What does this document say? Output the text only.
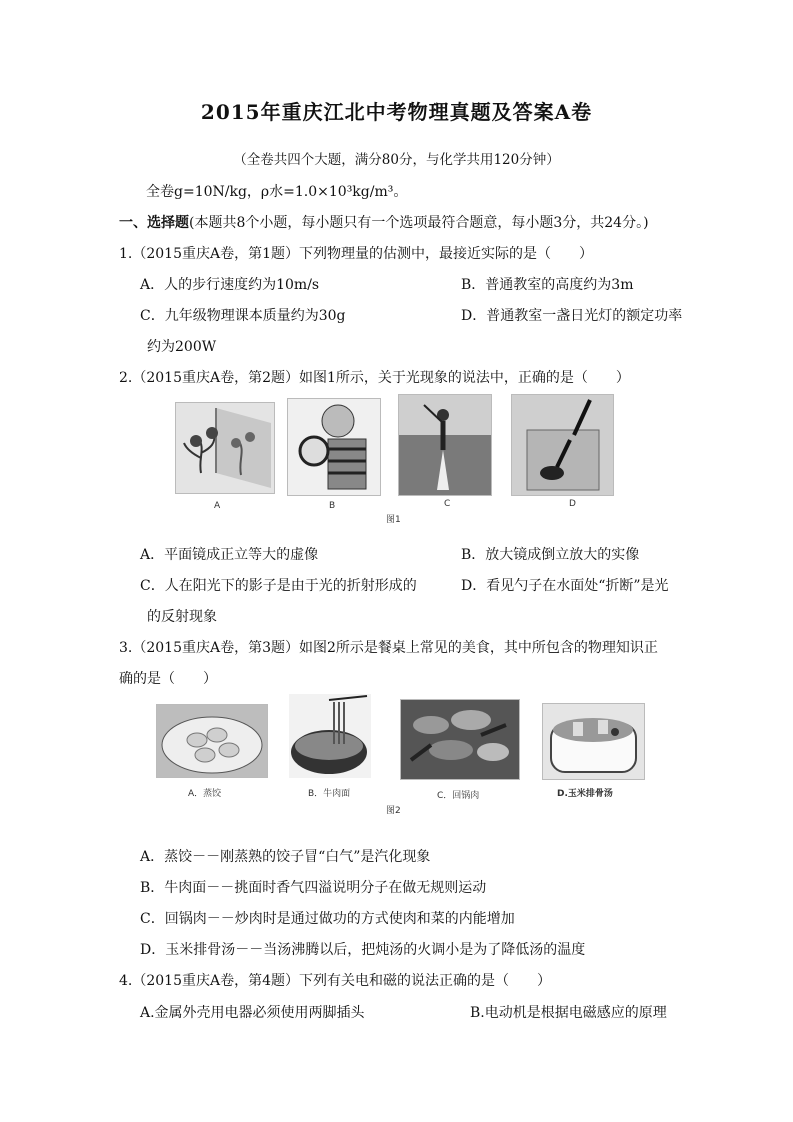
2015年重庆江北中考物理真题及答案A卷
（全卷共四个大题，满分80分，与化学共用120分钟）
全卷g=10N/kg，ρ水=1.0×10³kg/m³。
一、选择题(本题共8个小题，每小题只有一个选项最符合题意，每小题3分，共24分。)
1.（2015重庆A卷，第1题）下列物理量的估测中，最接近实际的是（　　）
A．人的步行速度约为10m/s	B．普通教室的高度约为3m
C．九年级物理课本质量约为30g	D．普通教室一盏日光灯的额定功率
约为200W
2.（2015重庆A卷，第2题）如图1所示，关于光现象的说法中，正确的是（　　）
A	B	C	D
图1
A．平面镜成正立等大的虚像	B．放大镜成倒立放大的实像
C．人在阳光下的影子是由于光的折射形成的	D．看见勺子在水面处“折断”是光
的反射现象
3.（2015重庆A卷，第3题）如图2所示是餐桌上常见的美食，其中所包含的物理知识正
确的是（　　）
A．蒸饺	B．牛肉面	C．回锅肉	D.玉米排骨汤
图2
A．蒸饺－－刚蒸熟的饺子冒“白气”是汽化现象
B．牛肉面－－挑面时香气四溢说明分子在做无规则运动
C．回锅肉－－炒肉时是通过做功的方式使肉和菜的内能增加
D．玉米排骨汤－－当汤沸腾以后，把炖汤的火调小是为了降低汤的温度
4.（2015重庆A卷，第4题）下列有关电和磁的说法正确的是（　　）
A.金属外壳用电器必须使用两脚插头	B.电动机是根据电磁感应的原理
